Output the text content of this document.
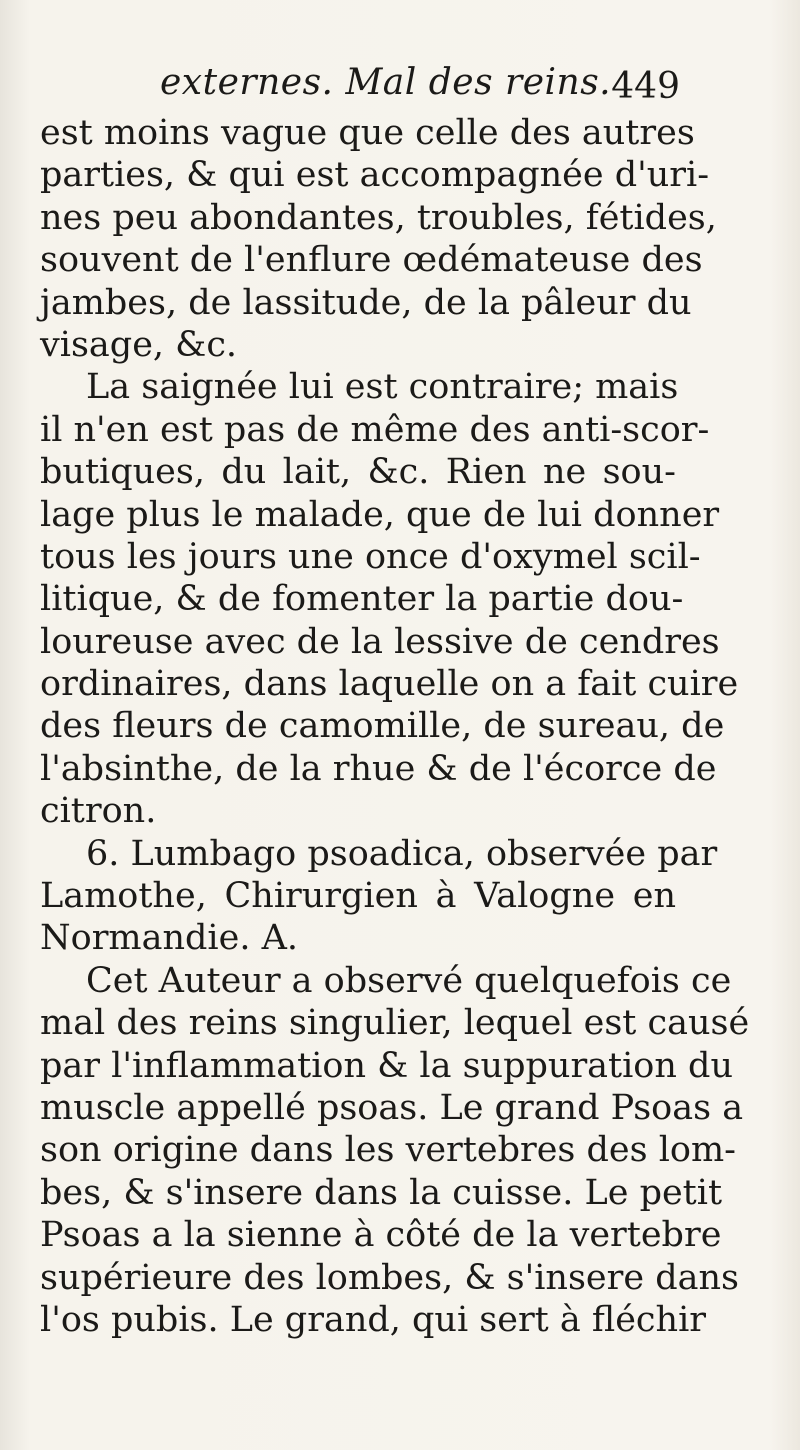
externes. Mal des reins. 449
est moins vague que celle des autres
parties, & qui est accompagnée d'uri-
nes peu abondantes, troubles, fétides,
souvent de l'enflure œdémateuse des
jambes, de lassitude, de la pâleur du
visage, &c.
La saignée lui est contraire; mais
il n'en est pas de même des anti-scor-
butiques, du lait, &c. Rien ne sou-
lage plus le malade, que de lui donner
tous les jours une once d'oxymel scil-
litique, & de fomenter la partie dou-
loureuse avec de la lessive de cendres
ordinaires, dans laquelle on a fait cuire
des fleurs de camomille, de sureau, de
l'absinthe, de la rhue & de l'écorce de
citron.
6. Lumbago psoadica, observée par
Lamothe, Chirurgien à Valogne en
Normandie. A.
Cet Auteur a observé quelquefois ce
mal des reins singulier, lequel est causé
par l'inflammation & la suppuration du
muscle appellé psoas. Le grand Psoas a
son origine dans les vertebres des lom-
bes, & s'insere dans la cuisse. Le petit
Psoas a la sienne à côté de la vertebre
supérieure des lombes, & s'insere dans
l'os pubis. Le grand, qui sert à fléchir
